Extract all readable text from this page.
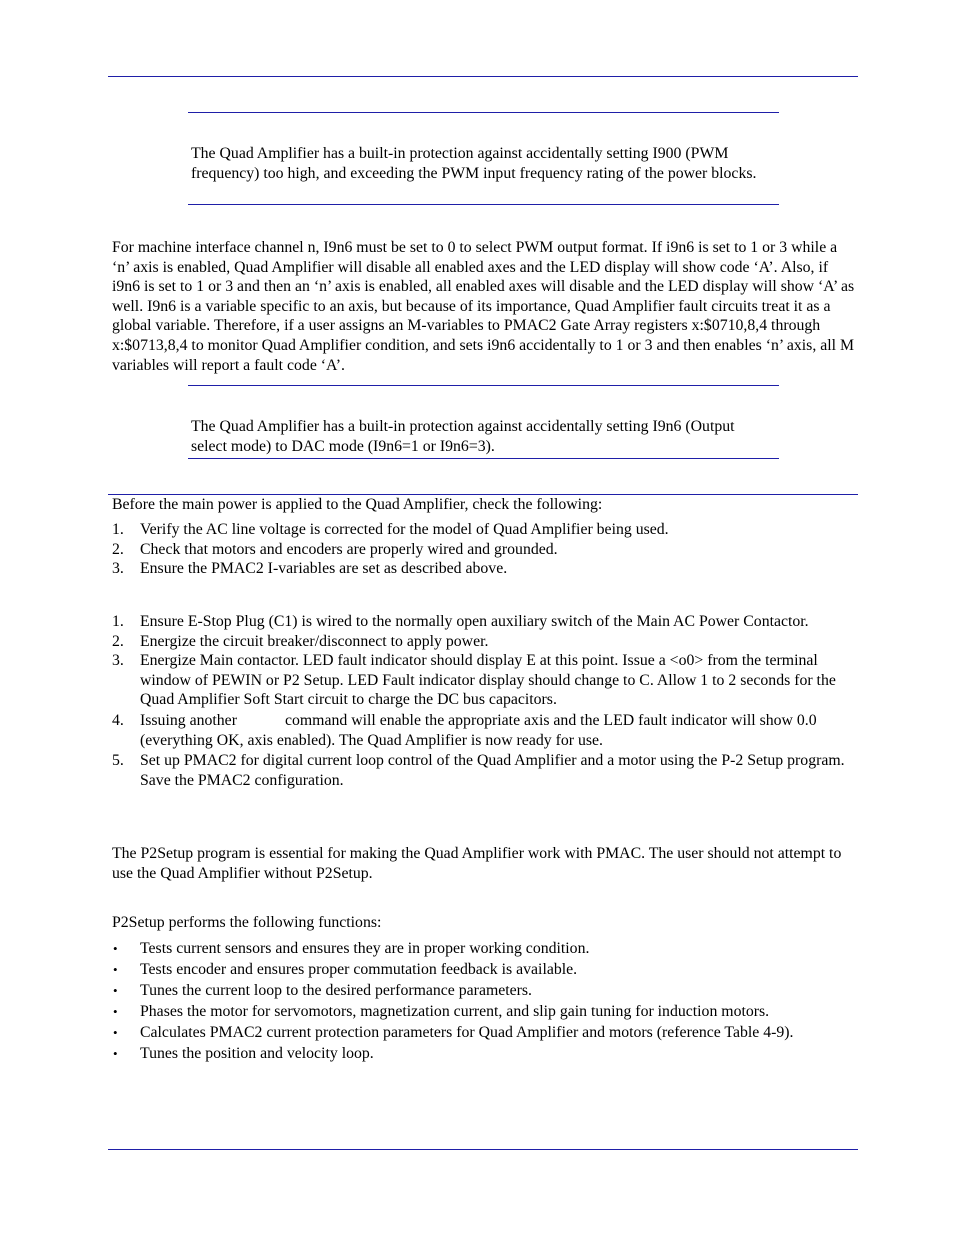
The Quad Amplifier has a built-in protection against accidentally setting I900 (PWM frequency) too high, and exceeding the PWM input frequency rating of the power blocks.

For machine interface channel n, I9n6 must be set to 0 to select PWM output format. If i9n6 is set to 1 or 3 while a ‘n’ axis is enabled, Quad Amplifier will disable all enabled axes and the LED display will show code ‘A’. Also, if i9n6 is set to 1 or 3 and then an ‘n’ axis is enabled, all enabled axes will disable and the LED display will show ‘A’ as well. I9n6 is a variable specific to an axis, but because of its importance, Quad Amplifier fault circuits treat it as a global variable. Therefore, if a user assigns an M-variables to PMAC2 Gate Array registers x:$0710,8,4 through x:$0713,8,4 to monitor Quad Amplifier condition, and sets i9n6 accidentally to 1 or 3 and then enables ‘n’ axis, all M variables will report a fault code ‘A’.

The Quad Amplifier has a built-in protection against accidentally setting I9n6 (Output select mode) to DAC mode (I9n6=1 or I9n6=3).

Before the main power is applied to the Quad Amplifier, check the following:

1. Verify the AC line voltage is corrected for the model of Quad Amplifier being used.
2. Check that motors and encoders are properly wired and grounded.
3. Ensure the PMAC2 I-variables are set as described above.
1. Ensure E-Stop Plug (C1) is wired to the normally open auxiliary switch of the Main AC Power Contactor.
2. Energize the circuit breaker/disconnect to apply power.
3. Energize Main contactor. LED fault indicator should display E at this point. Issue a <o0> from the terminal window of PEWIN or P2 Setup. LED Fault indicator display should change to C. Allow 1 to 2 seconds for the Quad Amplifier Soft Start circuit to charge the DC bus capacitors.
4. Issuing another	command will enable the appropriate axis and the LED fault indicator will show 0.0 (everything OK, axis enabled). The Quad Amplifier is now ready for use.
5. Set up PMAC2 for digital current loop control of the Quad Amplifier and a motor using the P-2 Setup program. Save the PMAC2 configuration.

The P2Setup program is essential for making the Quad Amplifier work with PMAC. The user should not attempt to use the Quad Amplifier without P2Setup.

P2Setup performs the following functions:

• Tests current sensors and ensures they are in proper working condition.
• Tests encoder and ensures proper commutation feedback is available.
• Tunes the current loop to the desired performance parameters.
• Phases the motor for servomotors, magnetization current, and slip gain tuning for induction motors.
• Calculates PMAC2 current protection parameters for Quad Amplifier and motors (reference Table 4-9).
• Tunes the position and velocity loop.
